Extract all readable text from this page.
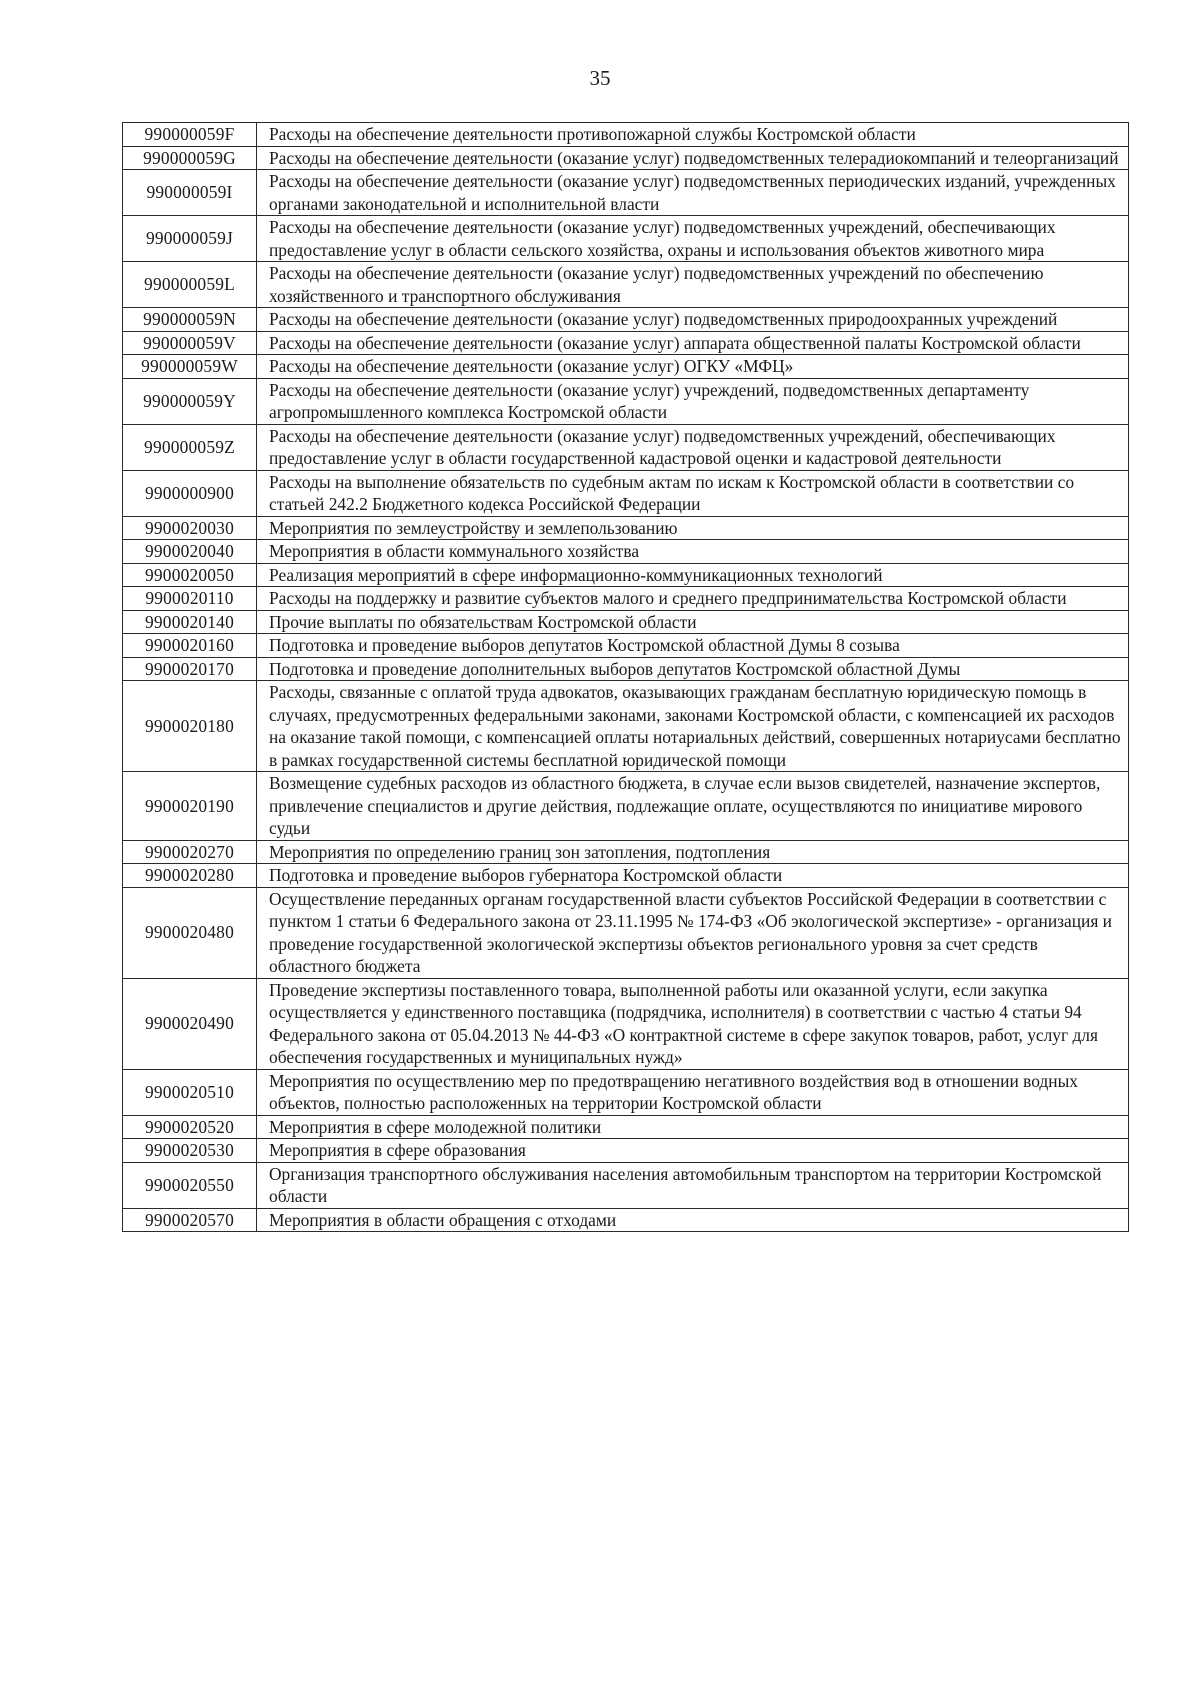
35
990000059F	Расходы на обеспечение деятельности противопожарной службы Костромской области
990000059G	Расходы на обеспечение деятельности (оказание услуг) подведомственных телерадиокомпаний и телеорганизаций
990000059I	Расходы на обеспечение деятельности (оказание услуг) подведомственных периодических изданий, учрежденных органами законодательной и исполнительной власти
990000059J	Расходы на обеспечение деятельности (оказание услуг) подведомственных учреждений, обеспечивающих предоставление услуг в области сельского хозяйства, охраны и использования объектов животного мира
990000059L	Расходы на обеспечение деятельности (оказание услуг) подведомственных учреждений по обеспечению хозяйственного и транспортного обслуживания
990000059N	Расходы на обеспечение деятельности (оказание услуг) подведомственных природоохранных учреждений
990000059V	Расходы на обеспечение деятельности (оказание услуг) аппарата общественной палаты Костромской области
990000059W	Расходы на обеспечение деятельности (оказание услуг) ОГКУ «МФЦ»
990000059Y	Расходы на обеспечение деятельности (оказание услуг) учреждений, подведомственных департаменту агропромышленного комплекса Костромской области
990000059Z	Расходы на обеспечение деятельности (оказание услуг) подведомственных учреждений, обеспечивающих предоставление услуг в области государственной кадастровой оценки и кадастровой деятельности
9900000900	Расходы на выполнение обязательств по судебным актам по искам к Костромской области в соответствии со статьей 242.2 Бюджетного кодекса Российской Федерации
9900020030	Мероприятия по землеустройству и землепользованию
9900020040	Мероприятия в области коммунального хозяйства
9900020050	Реализация мероприятий в сфере информационно-коммуникационных технологий
9900020110	Расходы на поддержку и развитие субъектов малого и среднего предпринимательства Костромской области
9900020140	Прочие выплаты по обязательствам Костромской области
9900020160	Подготовка и проведение выборов депутатов Костромской областной Думы 8 созыва
9900020170	Подготовка и проведение дополнительных выборов депутатов Костромской областной Думы
9900020180	Расходы, связанные с оплатой труда адвокатов, оказывающих гражданам бесплатную юридическую помощь в случаях, предусмотренных федеральными законами, законами Костромской области, с компенсацией их расходов на оказание такой помощи, с компенсацией оплаты нотариальных действий, совершенных нотариусами бесплатно в рамках государственной системы бесплатной юридической помощи
9900020190	Возмещение судебных расходов из областного бюджета, в случае если вызов свидетелей, назначение экспертов, привлечение специалистов и другие действия, подлежащие оплате, осуществляются по инициативе мирового судьи
9900020270	Мероприятия по определению границ зон затопления, подтопления
9900020280	Подготовка и проведение выборов губернатора Костромской области
9900020480	Осуществление переданных органам государственной власти субъектов Российской Федерации в соответствии с пунктом 1 статьи 6 Федерального закона от 23.11.1995 № 174-ФЗ «Об экологической экспертизе» - организация и проведение государственной экологической экспертизы объектов регионального уровня за счет средств областного бюджета
9900020490	Проведение экспертизы поставленного товара, выполненной работы или оказанной услуги, если закупка осуществляется у единственного поставщика (подрядчика, исполнителя) в соответствии с частью 4 статьи 94 Федерального закона от 05.04.2013 № 44-ФЗ «О контрактной системе в сфере закупок товаров, работ, услуг для обеспечения государственных и муниципальных нужд»
9900020510	Мероприятия по осуществлению мер по предотвращению негативного воздействия вод в отношении водных объектов, полностью расположенных на территории Костромской области
9900020520	Мероприятия в сфере молодежной политики
9900020530	Мероприятия в сфере образования
9900020550	Организация транспортного обслуживания населения автомобильным транспортом на территории Костромской области
9900020570	Мероприятия в области обращения с отходами
